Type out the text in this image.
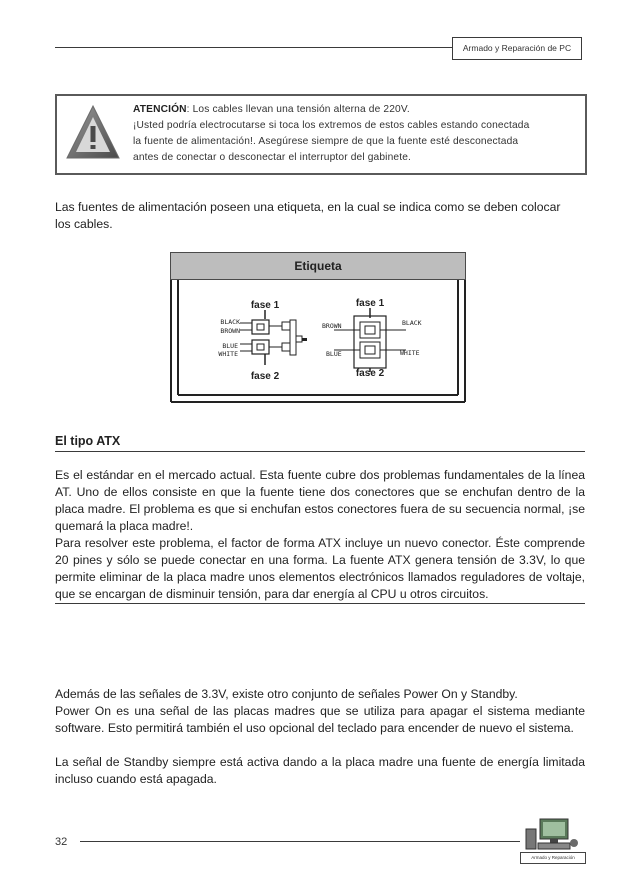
Armado y Reparación de PC
ATENCIÓN: Los cables llevan una tensión alterna de 220V.
¡Usted podría electrocutarse si toca los extremos de estos cables estando conectada
la fuente de alimentación!. Asegúrese siempre de que la fuente esté desconectada
antes de conectar o desconectar el interruptor del gabinete.
Las fuentes de alimentación poseen una etiqueta, en la cual se indica como se deben colocar los cables.
fase 1
fase 2
BLACK
BROWN
BLUE
WHITE
fase 1
fase 2
BROWN	BLACK
BLUE	WHITE
Etiqueta
El tipo ATX
Es el estándar en el mercado actual. Esta fuente cubre dos problemas fundamentales de la línea AT. Uno de ellos consiste en que la fuente tiene dos conectores que se enchufan dentro de la placa madre. El problema es que si enchufan estos conectores fuera de su secuencia normal, ¡se quemará la placa madre!.
Para resolver este problema, el factor de forma ATX incluye un nuevo conector. Éste comprende 20 pines y sólo se puede conectar en una forma. La fuente ATX genera tensión de 3.3V, lo que permite eliminar de la placa madre unos elementos electrónicos llamados reguladores de voltaje, que se encargan de disminuir tensión, para dar energía al CPU u otros circuitos.
Además de las señales de 3.3V, existe otro conjunto de señales Power On y Standby.
Power On es una señal de las placas madres que se utiliza para apagar el sistema mediante software. Esto permitirá también el uso opcional del teclado para encender de nuevo el sistema.
La señal de Standby siempre está activa dando a la placa madre una fuente de energía limitada incluso cuando está apagada.
32
Armado y Reparación
